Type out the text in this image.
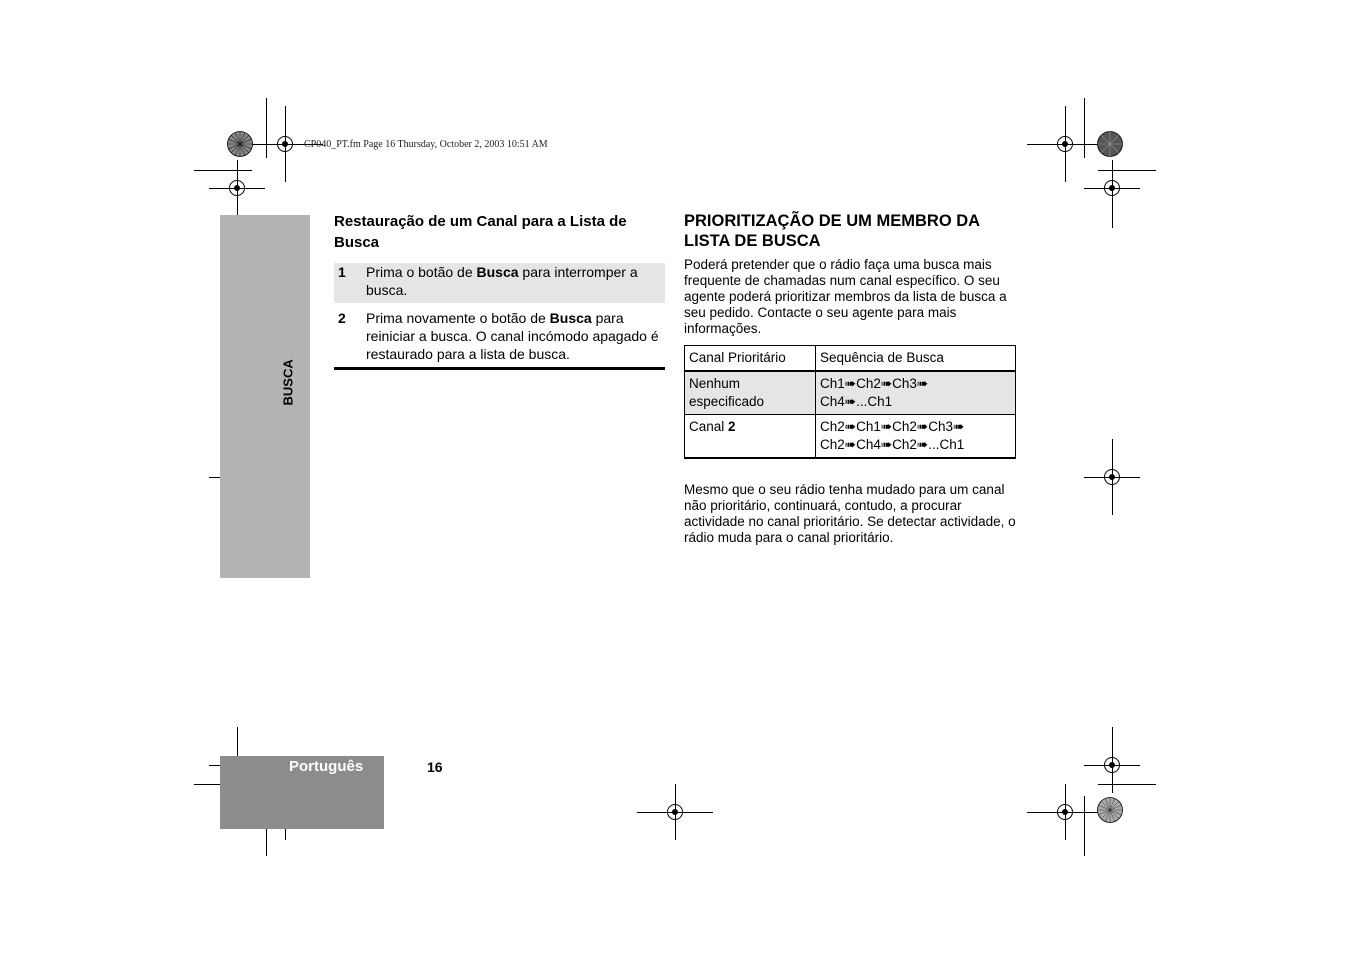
CP040_PT.fm Page 16 Thursday, October 2, 2003 10:51 AM
BUSCA
Restauração de um Canal para a Lista de Busca
1	Prima o botão de Busca para interromper a busca.
2	Prima novamente o botão de Busca para reiniciar a busca. O canal incómodo apagado é restaurado para a lista de busca.
PRIORITIZAÇÃO DE UM MEMBRO DA LISTA DE BUSCA

Poderá pretender que o rádio faça uma busca mais frequente de chamadas num canal específico. O seu agente poderá prioritizar membros da lista de busca a seu pedido. Contacte o seu agente para mais informações.

Canal Prioritário	Sequência de Busca
Nenhum especificado	Ch1➠Ch2➠Ch3➠
Ch4➠...Ch1
Canal 2	Ch2➠Ch1➠Ch2➠Ch3➠
Ch2➠Ch4➠Ch2➠...Ch1

Mesmo que o seu rádio tenha mudado para um canal não prioritário, continuará, contudo, a procurar actividade no canal prioritário. Se detectar actividade, o rádio muda para o canal prioritário.

Português	16
